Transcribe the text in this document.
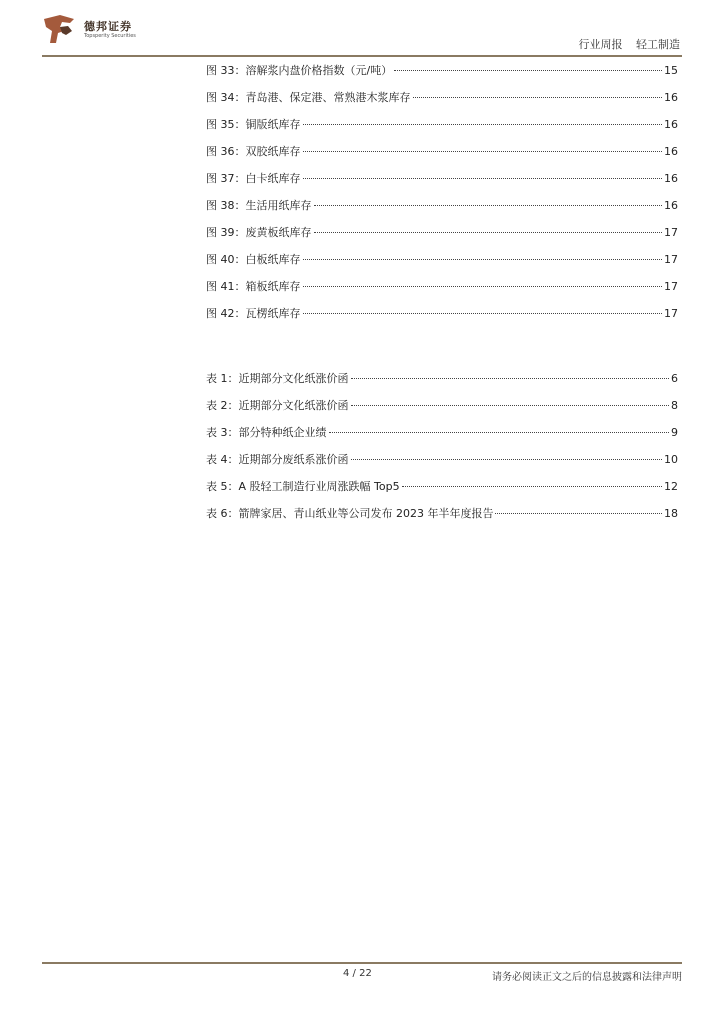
德邦证券
Topsperity Securities
行业周报 轻工制造
图 33：溶解浆内盘价格指数（元/吨）	15
图 34：青岛港、保定港、常熟港木浆库存	16
图 35：铜版纸库存	16
图 36：双胶纸库存	16
图 37：白卡纸库存	16
图 38：生活用纸库存	16
图 39：废黄板纸库存	17
图 40：白板纸库存	17
图 41：箱板纸库存	17
图 42：瓦楞纸库存	17
表 1：近期部分文化纸涨价函	6
表 2：近期部分文化纸涨价函	8
表 3：部分特种纸企业绩	9
表 4：近期部分废纸系涨价函	10
表 5：A 股轻工制造行业周涨跌幅 Top5	12
表 6：箭牌家居、青山纸业等公司发布 2023 年半年度报告	18
4 / 22	请务必阅读正文之后的信息披露和法律声明
